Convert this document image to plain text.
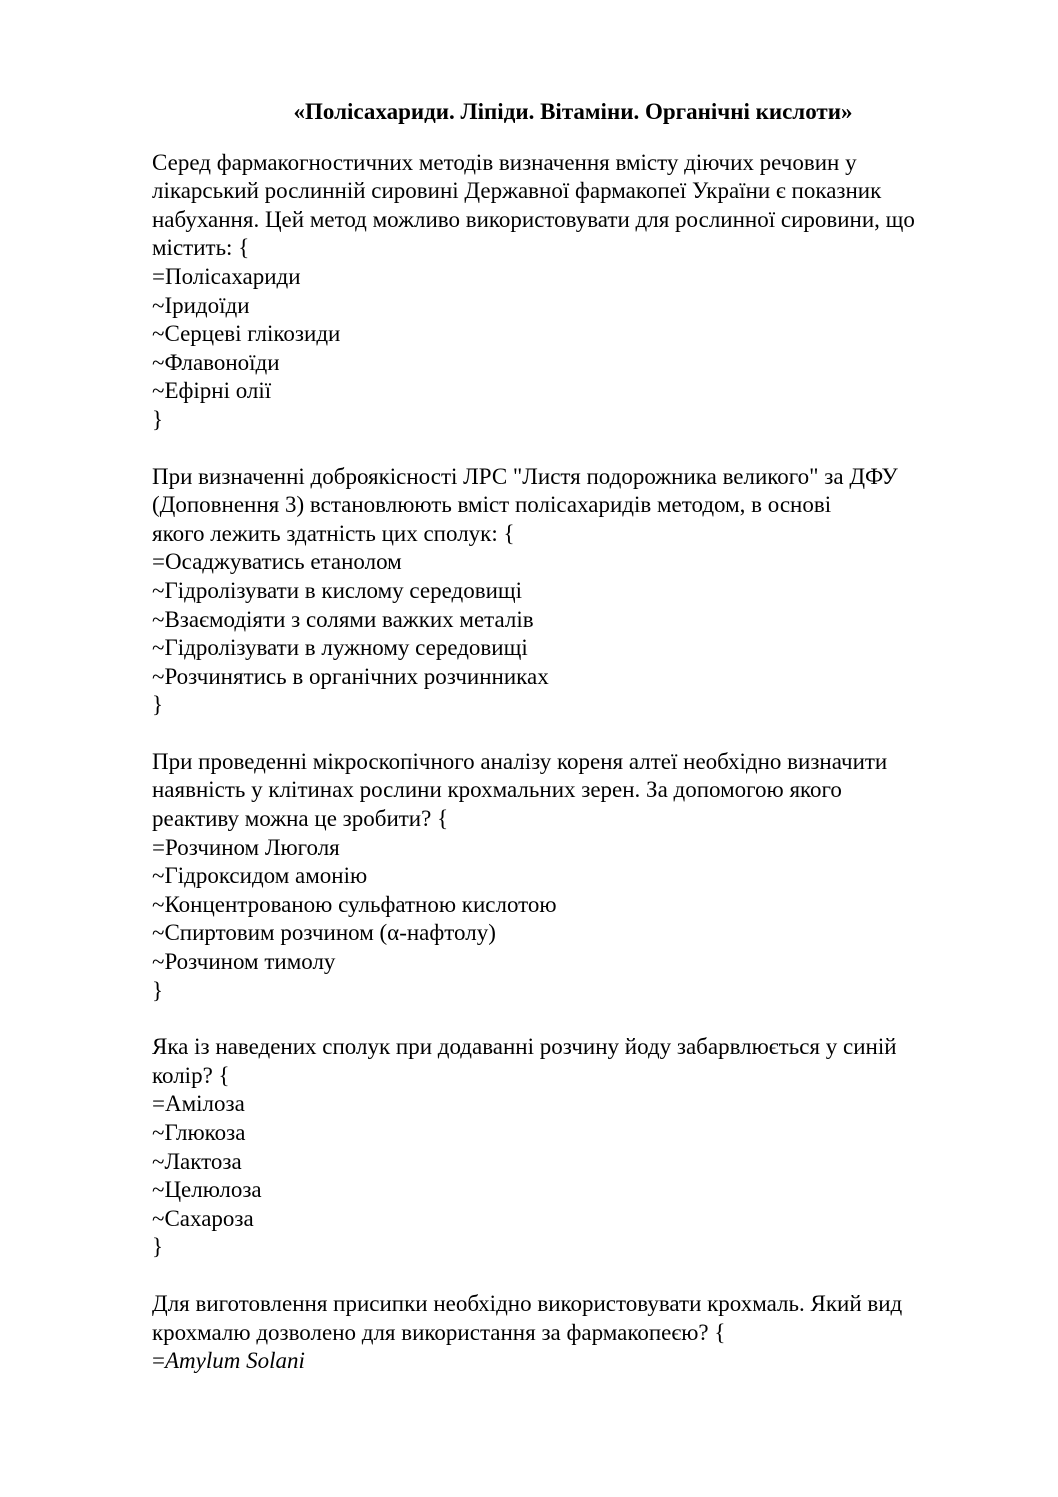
«Полісахариди. Ліпіди. Вітаміни. Органічні кислоти»
Серед фармакогностичних методів визначення вмісту діючих речовин у
лікарський рослинній сировині Державної фармакопеї України є показник
набухання. Цей метод можливо використовувати для рослинної сировини, що
містить: {
=Полісахариди
~Іридоїди
~Серцеві глікозиди
~Флавоноїди
~Ефірні олії
}
При визначенні доброякісності ЛРС "Листя подорожника великого" за ДФУ
(Доповнення 3) встановлюють вміст полісахаридів методом, в основі
якого лежить здатність цих сполук: {
=Осаджуватись етанолом
~Гідролізувати в кислому середовищі
~Взаємодіяти з солями важких металів
~Гідролізувати в лужному середовищі
~Розчинятись в органічних розчинниках
}
При проведенні мікроскопічного аналізу кореня алтеї необхідно визначити
наявність у клітинах рослини крохмальних зерен. За допомогою якого
реактиву можна це зробити? {
=Розчином Люголя
~Гідроксидом амонію
~Концентрованою сульфатною кислотою
~Спиртовим розчином (α-нафтолу)
~Розчином тимолу
}
Яка із наведених сполук при додаванні розчину йоду забарвлюється у синій
колір? {
=Амілоза
~Глюкоза
~Лактоза
~Целюлоза
~Сахароза
}
Для виготовлення присипки необхідно використовувати крохмаль. Який вид
крохмалю дозволено для використання за фармакопеєю? {
=Amylum Solani
